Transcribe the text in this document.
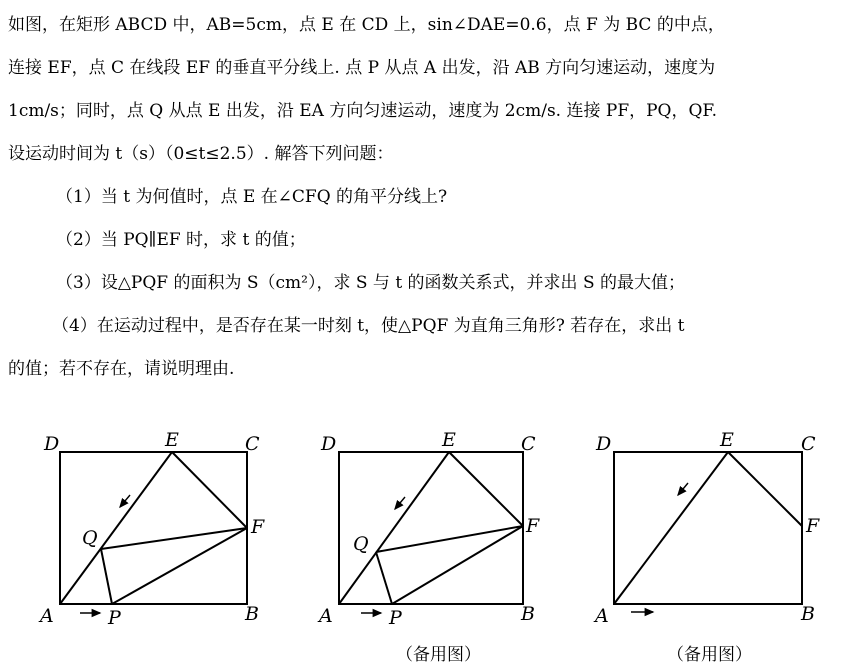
如图，在矩形 ABCD 中，AB=5cm，点 E 在 CD 上，sin∠DAE=0.6，点 F 为 BC 的中点，
连接 EF，点 C 在线段 EF 的垂直平分线上. 点 P 从点 A 出发，沿 AB 方向匀速运动，速度为
1cm/s；同时，点 Q 从点 E 出发，沿 EA 方向匀速运动，速度为 2cm/s. 连接 PF，PQ，QF.
设运动时间为 t（s）（0≤t≤2.5）. 解答下列问题：
（1）当 t 为何值时，点 E 在∠CFQ 的角平分线上?
（2）当 PQ∥EF 时，求 t 的值；
（3）设△PQF 的面积为 S（cm²），求 S 与 t 的函数关系式，并求出 S 的最大值；
（4）在运动过程中，是否存在某一时刻 t，使△PQF 为直角三角形? 若存在，求出 t
的值；若不存在，请说明理由.
D	E	C
F
Q
A	P	B
D	E	C
F
Q
A	P	B
D	E	C
F
A	B
（备用图）	（备用图）
